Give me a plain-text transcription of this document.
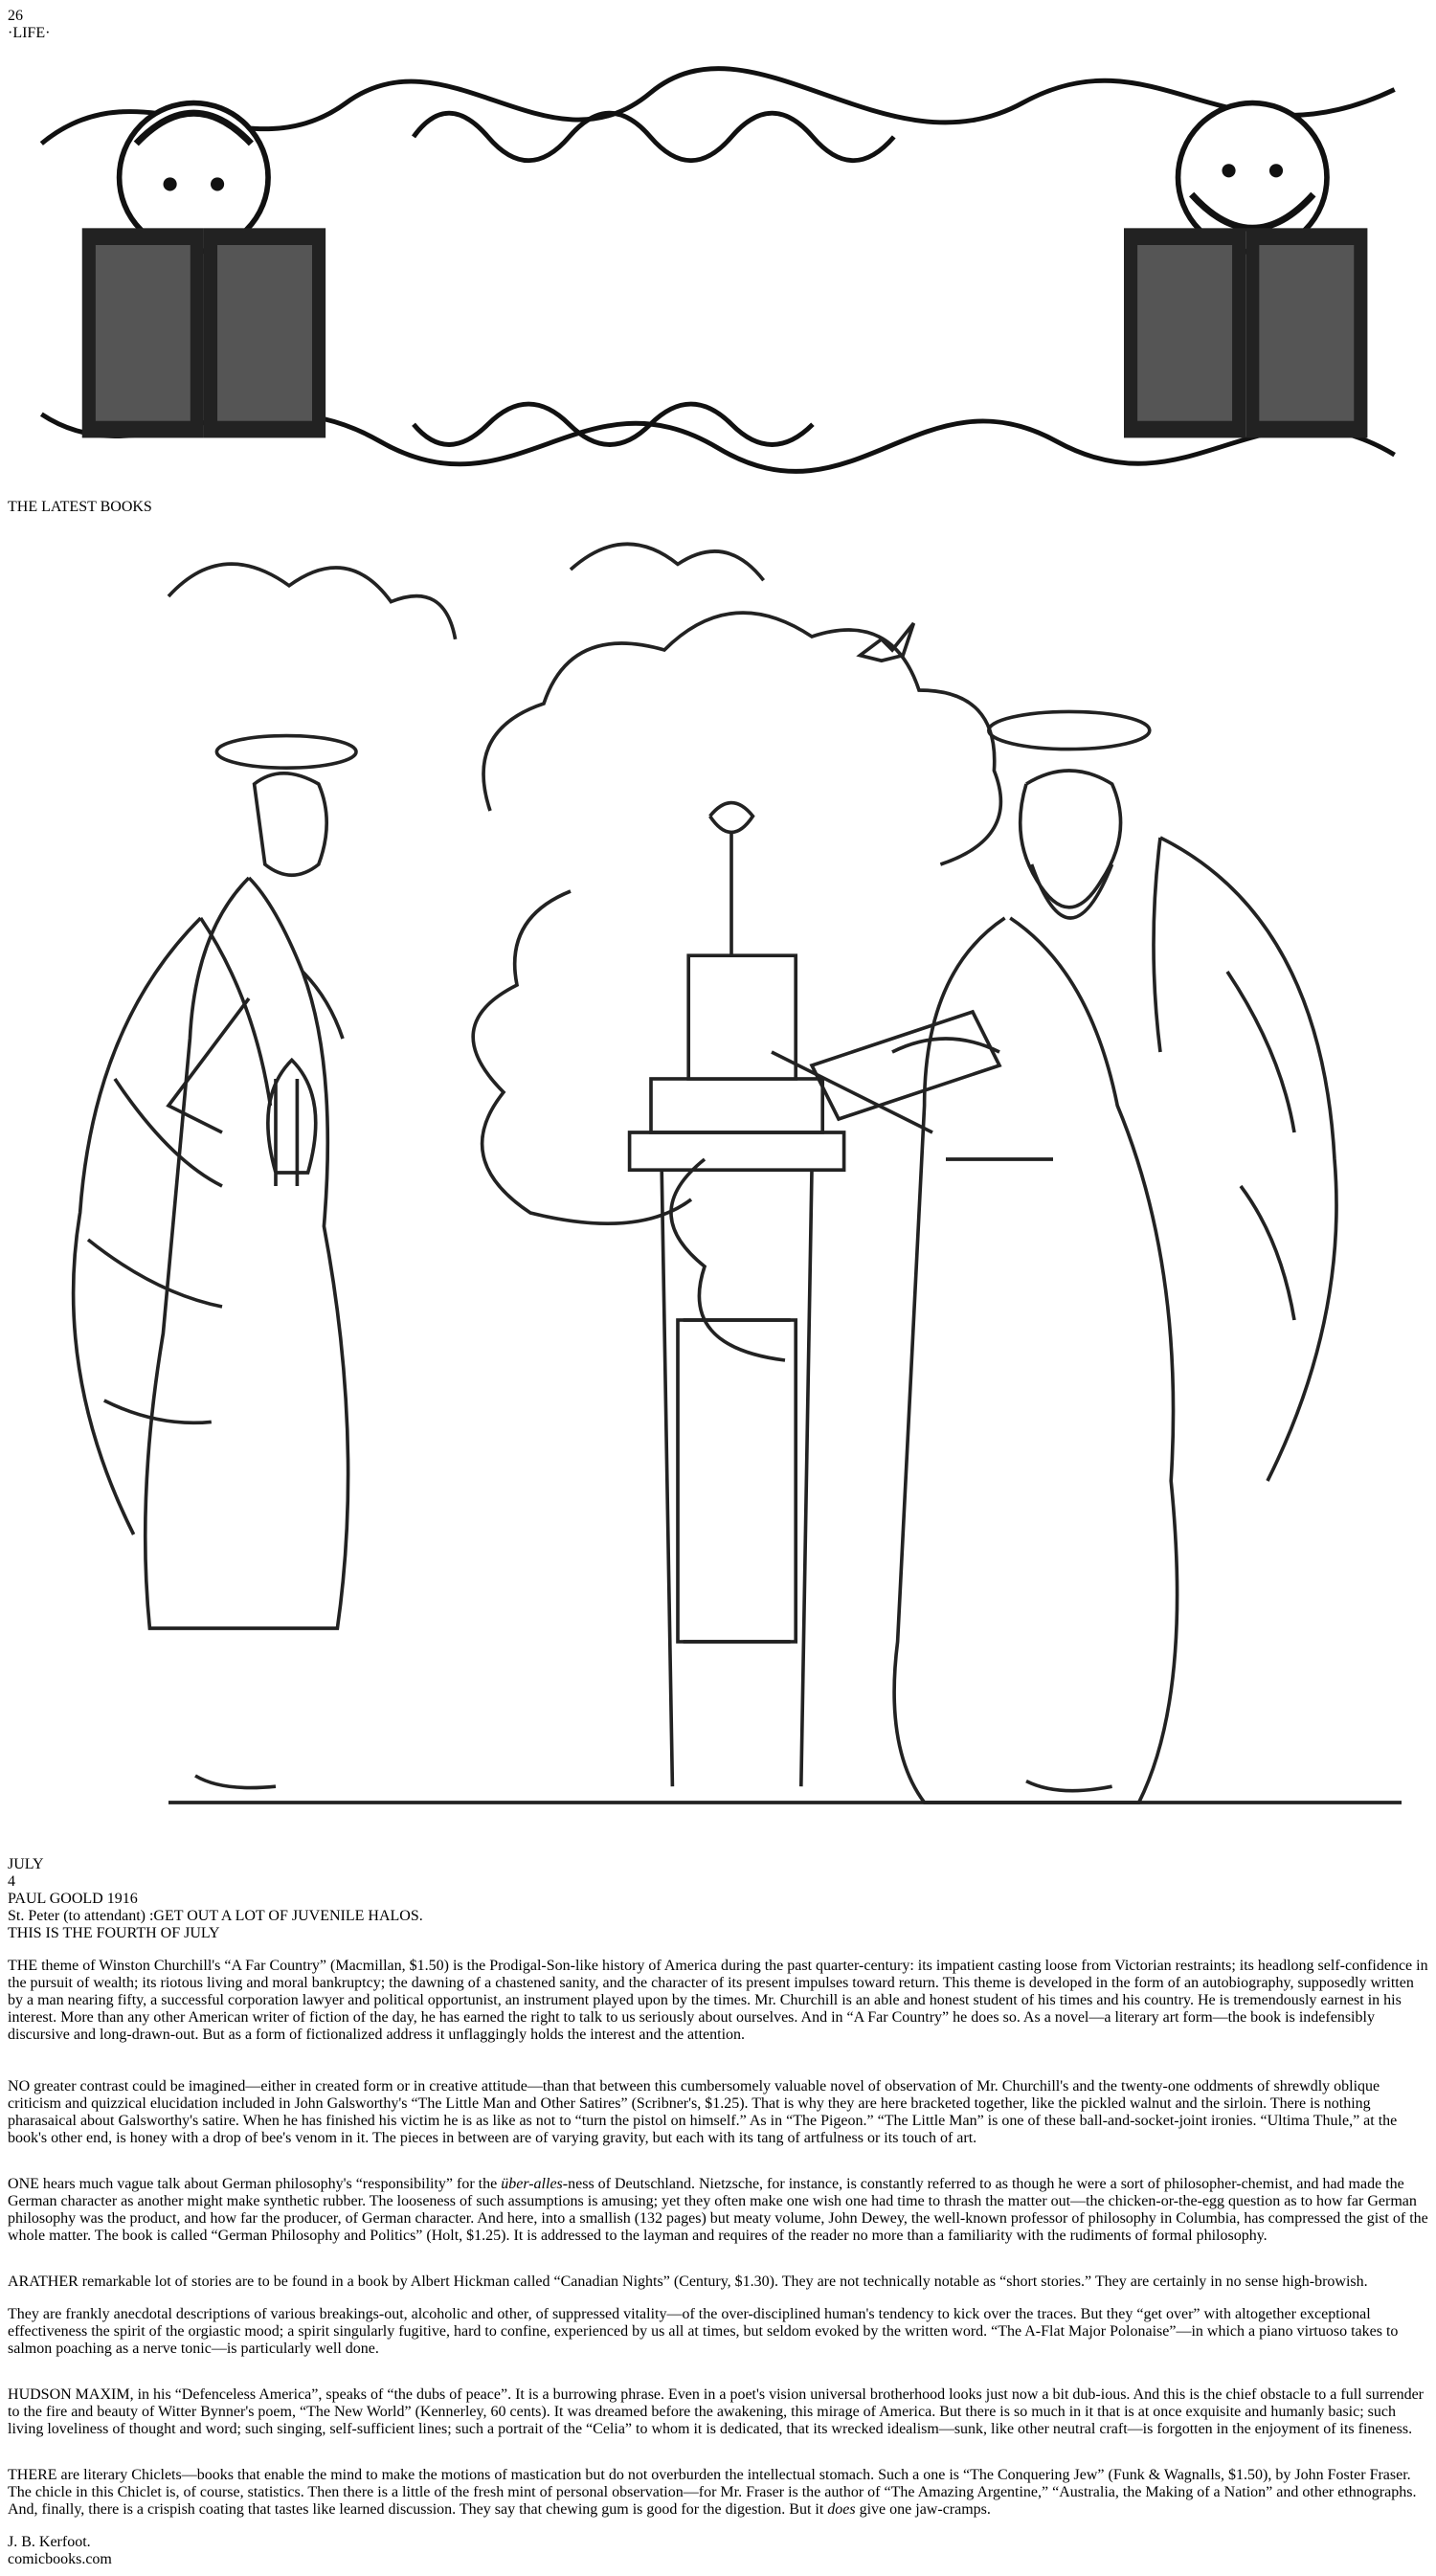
26
·LIFE·
THE LATEST BOOKS
JULY
4
PAUL GOOLD 1916
St. Peter (to attendant) :GET OUT A LOT OF JUVENILE HALOS.
THIS IS THE FOURTH OF JULY

THE theme of Winston Churchill's “A Far Country” (Macmillan, $1.50) is the Prodigal-Son-like history of America during the past quarter-century: its impatient casting loose from Victorian restraints; its headlong self-confidence in the pursuit of wealth; its riotous living and moral bankruptcy; the dawning of a chastened sanity, and the character of its present impulses toward return. This theme is developed in the form of an autobiography, supposedly written by a man nearing fifty, a successful corporation lawyer and political opportunist, an instrument played upon by the times. Mr. Churchill is an able and honest student of his times and his country. He is tremendously earnest in his interest. More than any other American writer of fiction of the day, he has earned the right to talk to us seriously about ourselves. And in “A Far Country” he does so. As a novel—a literary art form—the book is indefensibly discursive and long-drawn-out. But as a form of fictionalized address it unflaggingly holds the interest and the attention.

NO greater contrast could be imagined—either in created form or in creative attitude—than that between this cumbersomely valuable novel of observation of Mr. Churchill's and the twenty-one oddments of shrewdly oblique criticism and quizzical elucidation included in John Galsworthy's “The Little Man and Other Satires” (Scribner's, $1.25). That is why they are here bracketed together, like the pickled walnut and the sirloin. There is nothing pharasaical about Galsworthy's satire. When he has finished his victim he is as like as not to “turn the pistol on himself.” As in “The Pigeon.” “The Little Man” is one of these ball-and-socket-joint ironies. “Ultima Thule,” at the book's other end, is honey with a drop of bee's venom in it. The pieces in between are of varying gravity, but each with its tang of artfulness or its touch of art.

ONE hears much vague talk about German philosophy's “responsibility” for the über-alles-ness of Deutschland. Nietzsche, for instance, is constantly referred to as though he were a sort of philosopher-chemist, and had made the German character as another might make synthetic rubber. The looseness of such assumptions is amusing; yet they often make one wish one had time to thrash the matter out—the chicken-or-the-egg question as to how far German philosophy was the product, and how far the producer, of German character. And here, into a smallish (132 pages) but meaty volume, John Dewey, the well-known professor of philosophy in Columbia, has compressed the gist of the whole matter. The book is called “German Philosophy and Politics” (Holt, $1.25). It is addressed to the layman and requires of the reader no more than a familiarity with the rudiments of formal philosophy.

ARATHER remarkable lot of stories are to be found in a book by Albert Hickman called “Canadian Nights” (Century, $1.30). They are not technically notable as “short stories.” They are certainly in no sense high-browish.

They are frankly anecdotal descriptions of various breakings-out, alcoholic and other, of suppressed vitality—of the over-disciplined human's tendency to kick over the traces. But they “get over” with altogether exceptional effectiveness the spirit of the orgiastic mood; a spirit singularly fugitive, hard to confine, experienced by us all at times, but seldom evoked by the written word. “The A-Flat Major Polonaise”—in which a piano virtuoso takes to salmon poaching as a nerve tonic—is particularly well done.

HUDSON MAXIM, in his “Defenceless America”, speaks of “the dubs of peace”. It is a burrowing phrase. Even in a poet's vision universal brotherhood looks just now a bit dub-ious. And this is the chief obstacle to a full surrender to the fire and beauty of Witter Bynner's poem, “The New World” (Kennerley, 60 cents). It was dreamed before the awakening, this mirage of America. But there is so much in it that is at once exquisite and humanly basic; such living loveliness of thought and word; such singing, self-sufficient lines; such a portrait of the “Celia” to whom it is dedicated, that its wrecked idealism—sunk, like other neutral craft—is forgotten in the enjoyment of its fineness.

THERE are literary Chiclets—books that enable the mind to make the motions of mastication but do not overburden the intellectual stomach. Such a one is “The Conquering Jew” (Funk & Wagnalls, $1.50), by John Foster Fraser. The chicle in this Chiclet is, of course, statistics. Then there is a little of the fresh mint of personal observation—for Mr. Fraser is the author of “The Amazing Argentine,” “Australia, the Making of a Nation” and other ethnographs. And, finally, there is a crispish coating that tastes like learned discussion. They say that chewing gum is good for the digestion. But it does give one jaw-cramps.

J. B. Kerfoot.
comicbooks.com
